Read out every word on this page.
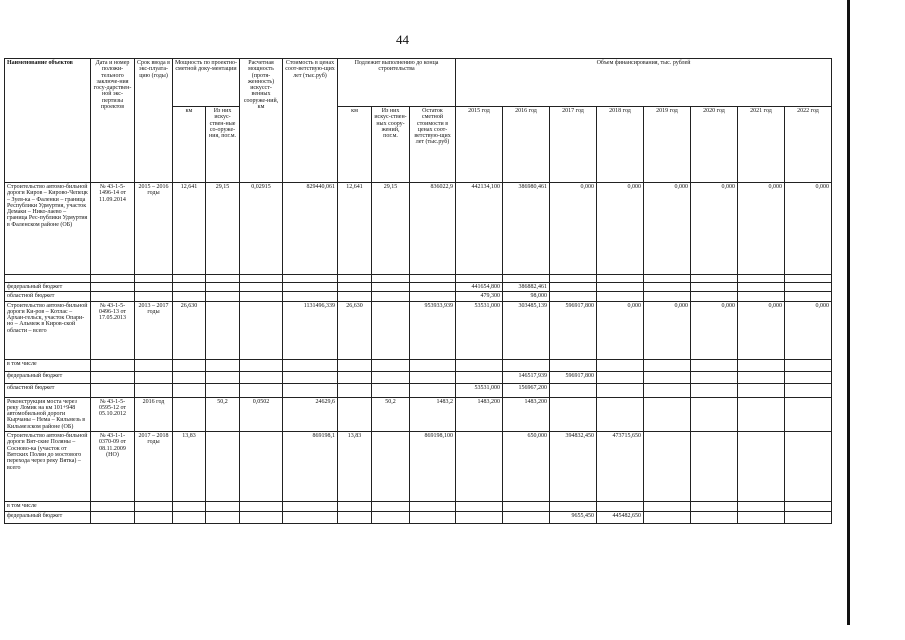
44
Наименование объектов	Дата и номер положи-тельного заключе-ния госу-дарствен-ной экс-пертизы проектов	Срок ввода в экс-плуата-цию (годы)	Мощность по проектно-сметной доку-ментации		Расчетная мощность (протя-женность) искусст-венных сооруже-ний, км	Стоимость в ценах соот-ветствую-щих лет (тыс.руб)	Подлежит выполнению до конца строительства			Объем финансирования, тыс. рублей							
			км	Из них искус-ствен-ные со-оруже-ния, пог.м.			км	Из них искус-ствен-ных соору-жений, пог.м.	Остаток сметной стоимости в ценах соот-ветствую-щих лет (тыс.руб)	2015 год	2016 год	2017 год	2018 год	2019 год	2020 год	2021 год	2022 год
Строительство автомо-бильной дороги Киров – Кирово-Чепецк – Зуев-ка – Фаленки – граница Республики Удмуртия, участок Демаки – Нико-лаево – граница Рес-публики Удмуртия в Фаленском районе (ОБ)	№ 43-1-5-1496-14 от 11.09.2014	2015 – 2016 годы	12,641	29,15	0,02915	829440,061	12,641	29,15	836022,9	442134,100	386980,461	0,000	0,000	0,000	0,000	0,000	0,000

федеральный бюджет										441654,800	386882,461						
областной бюджет										479,300	98,000						
Строительство автомо-бильной дороги Ки-ров – Котлас – Архан-гельск, участок Опари-но – Альмеж в Киров-ской области – всего	№ 43-1-5-0496-13 от 17.05.2013	2013 – 2017 годы	26,630			1131496,339	26,630		953933,939	53531,000	303485,139	596917,800	0,000	0,000	0,000	0,000	0,000
в том числе																	
федеральный бюджет											146517,939	596917,800					
областной бюджет										53531,000	156967,200						
Реконструкция моста через реку Ломик на км 101+948 автомобильной дороги Кырчаны – Нема – Кильмезь в Кильмезском районе (ОБ)	№ 43-1-5-0595-12 от 05.10.2012	2016 год		50,2	0,0502	24629,6		50,2	1483,2	1483,200	1483,200						
Строительство автомо-бильной дороги Вят-ские Поляны – Сосново-ка (участок от Вятских Полян до мостового перехода через реку Вятка) – всего	№ 43-1-1-0370-09 от 08.11.2009 (НО)	2017 – 2018 годы	13,83			869198,1	13,83		869198,100		650,000	394832,450	473715,650				
в том числе																	
федеральный бюджет												9655,450	445482,650				
